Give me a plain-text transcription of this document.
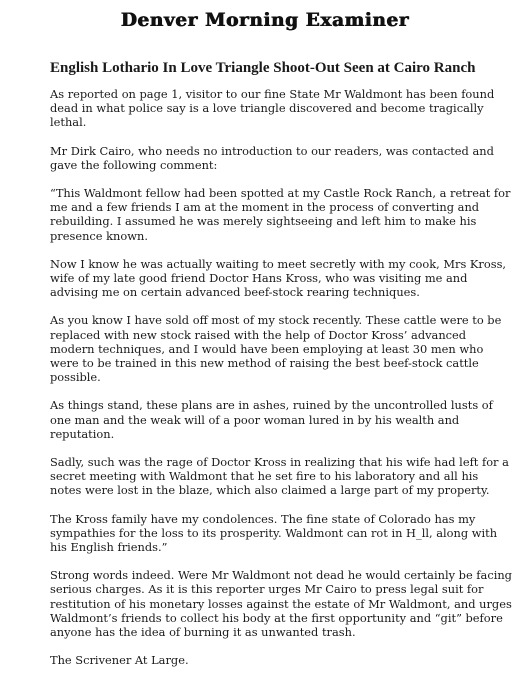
Denver Morning Examiner
English Lothario In Love Triangle Shoot-Out Seen at Cairo Ranch

As reported on page 1, visitor to our fine State Mr Waldmont has been found dead in what police say is a love triangle discovered and become tragically lethal.

Mr Dirk Cairo, who needs no introduction to our readers, was contacted and gave the following comment:

“This Waldmont fellow had been spotted at my Castle Rock Ranch, a retreat for me and a few friends I am at the moment in the process of converting and rebuilding. I assumed he was merely sightseeing and left him to make his presence known.

Now I know he was actually waiting to meet secretly with my cook, Mrs Kross, wife of my late good friend Doctor Hans Kross, who was visiting me and advising me on certain advanced beef-stock rearing techniques.

As you know I have sold off most of my stock recently. These cattle were to be replaced with new stock raised with the help of Doctor Kross’ advanced modern techniques, and I would have been employing at least 30 men who were to be trained in this new method of raising the best beef-stock cattle possible.

As things stand, these plans are in ashes, ruined by the uncontrolled lusts of one man and the weak will of a poor woman lured in by his wealth and reputation.

Sadly, such was the rage of Doctor Kross in realizing that his wife had left for a secret meeting with Waldmont that he set fire to his laboratory and all his notes were lost in the blaze, which also claimed a large part of my property.

The Kross family have my condolences. The fine state of Colorado has my sympathies for the loss to its prosperity. Waldmont can rot in H_ll, along with his English friends.”

Strong words indeed. Were Mr Waldmont not dead he would certainly be facing serious charges. As it is this reporter urges Mr Cairo to press legal suit for restitution of his monetary losses against the estate of Mr Waldmont, and urges Waldmont’s friends to collect his body at the first opportunity and “git” before anyone has the idea of burning it as unwanted trash.

The Scrivener At Large.
